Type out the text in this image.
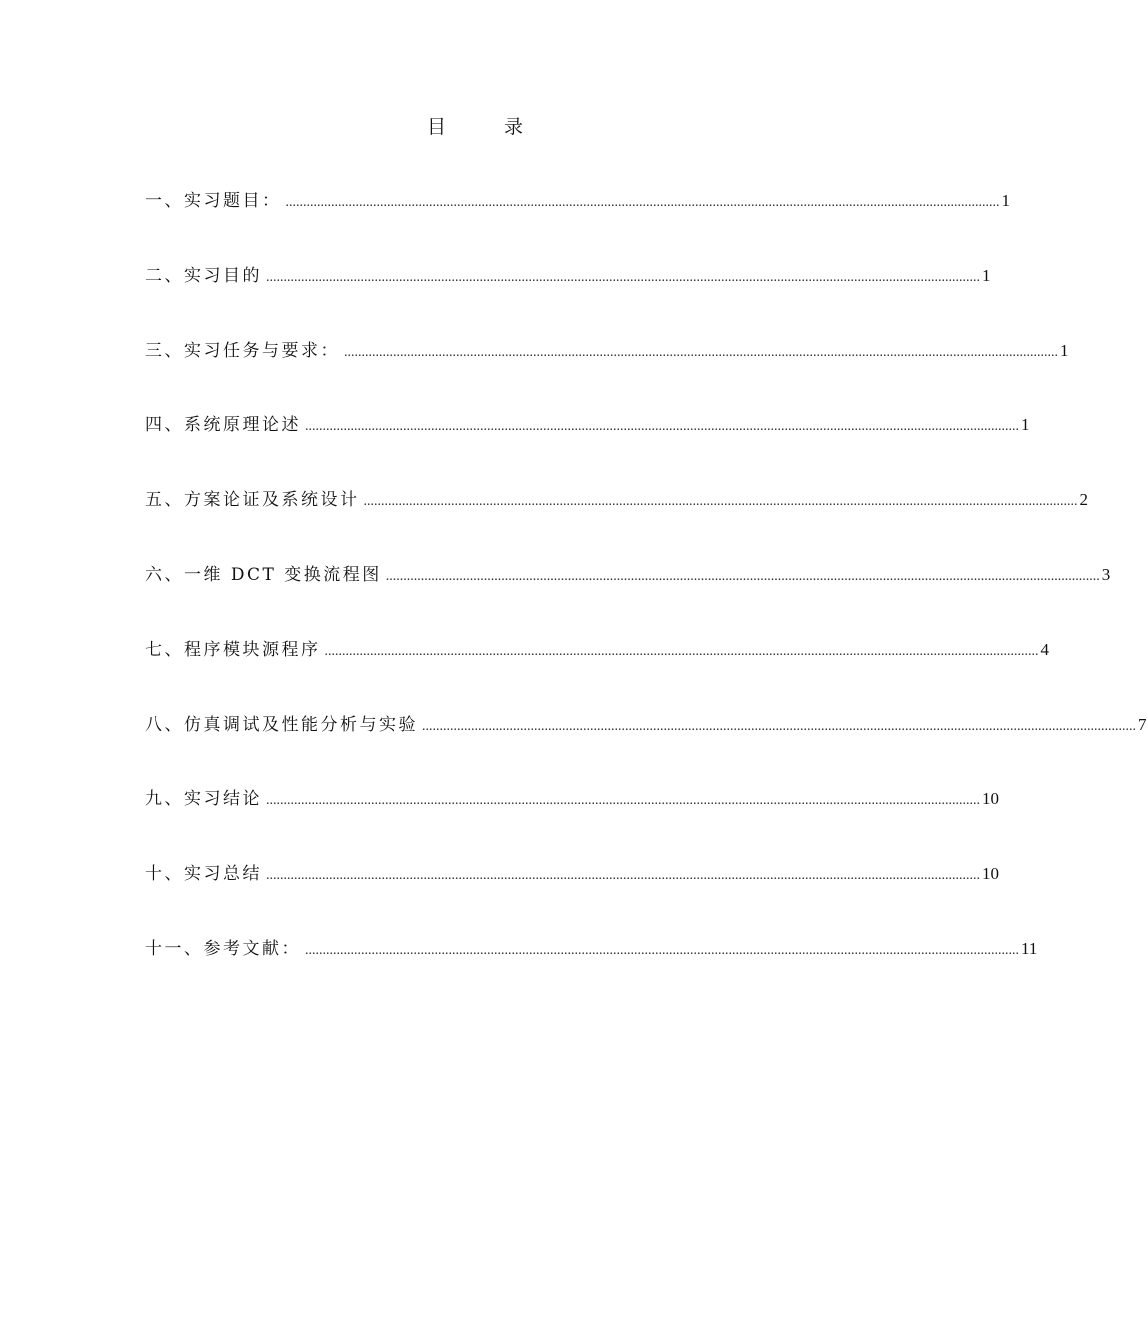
目 录
一、实习题目： ............................................................................................................................................................................................................ 1
二、实习目的 ............................................................................................................................................................................................................ 1
三、实习任务与要求： ............................................................................................................................................................................................................ 1
四、系统原理论述 ............................................................................................................................................................................................................ 1
五、方案论证及系统设计 ............................................................................................................................................................................................................ 2
六、一维 DCT 变换流程图 ............................................................................................................................................................................................................ 3
七、程序模块源程序 ............................................................................................................................................................................................................ 4
八、仿真调试及性能分析与实验 ............................................................................................................................................................................................................ 7
九、实习结论 ............................................................................................................................................................................................................ 10
十、实习总结 ............................................................................................................................................................................................................ 10
十一、参考文献： ............................................................................................................................................................................................................ 11
